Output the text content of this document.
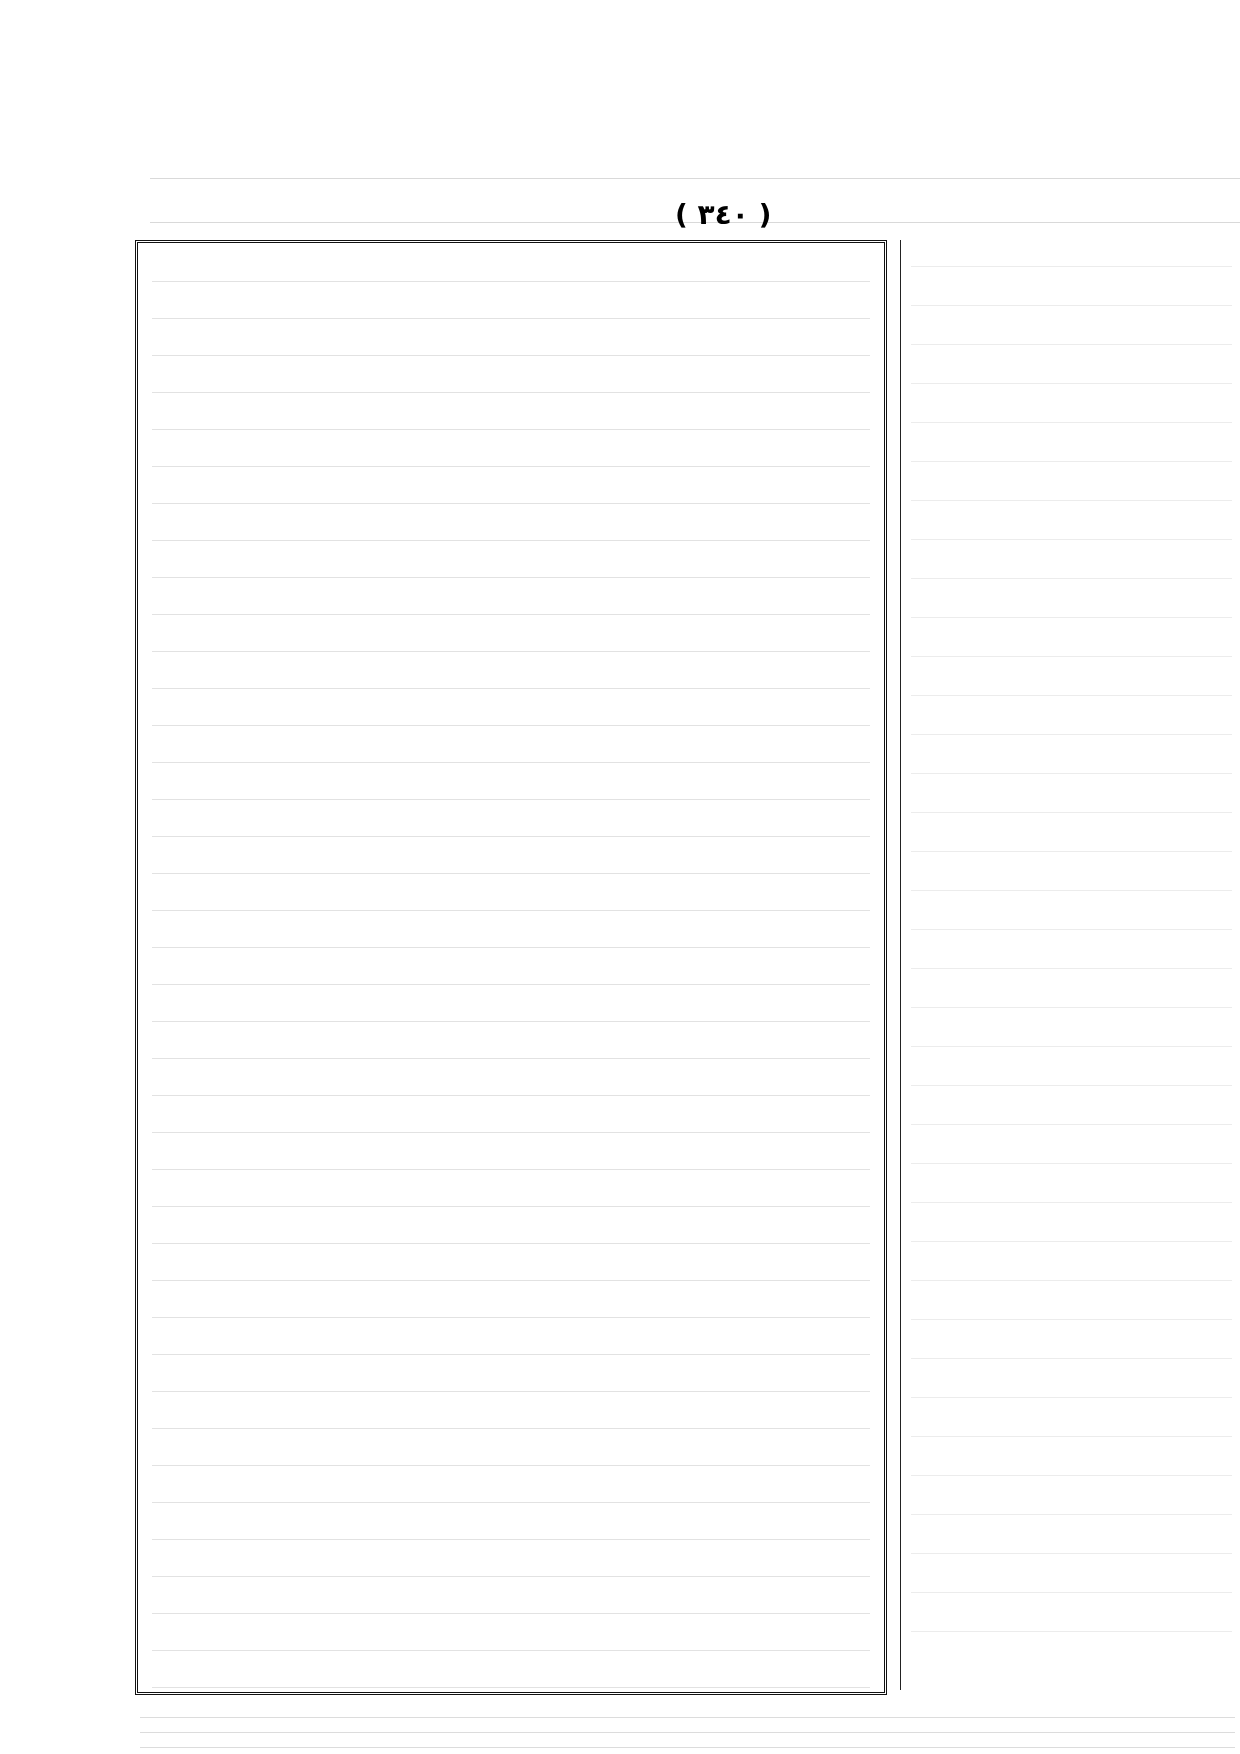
( ٣٤٠ )
